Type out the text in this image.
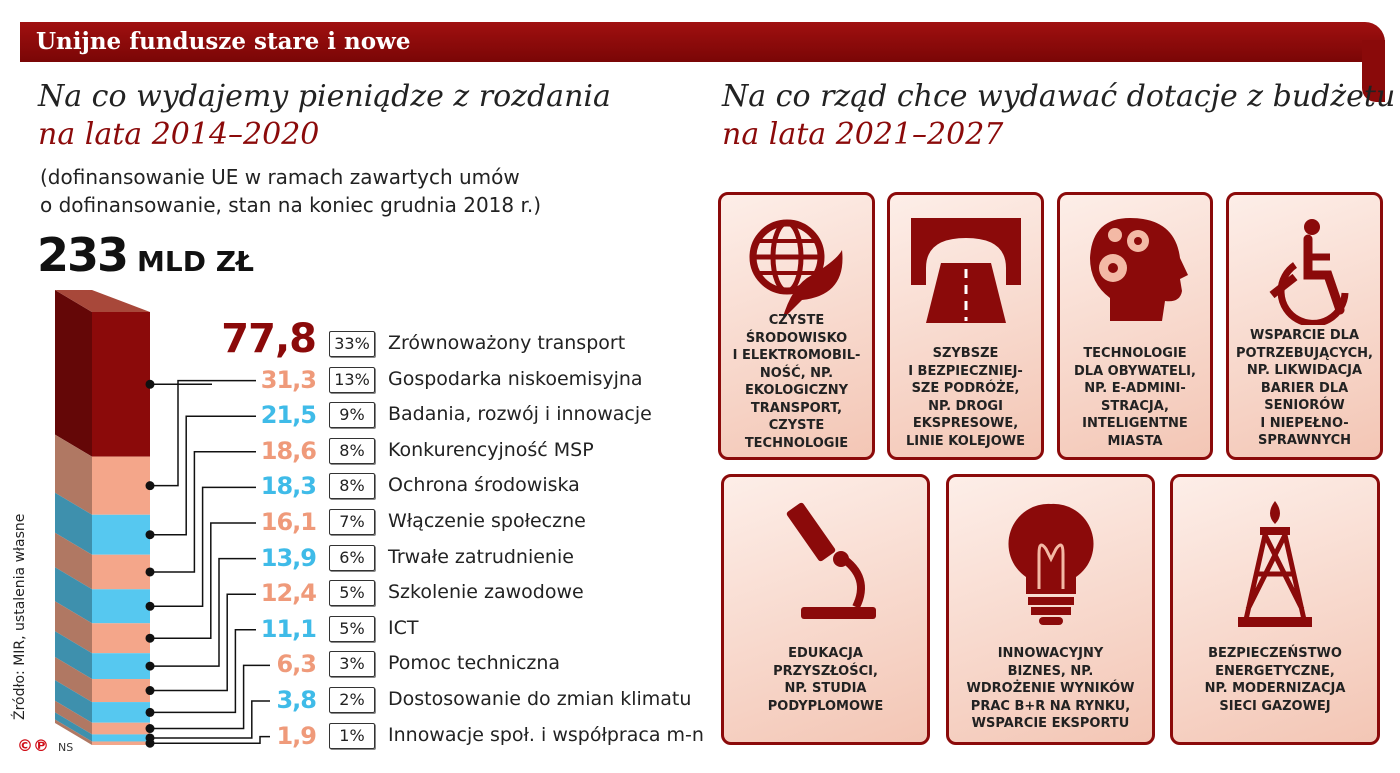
Unijne fundusze stare i nowe
Na co wydajemy pieniądze z rozdania
na lata 2014–2020
(dofinansowanie UE w ramach zawartych umów
o dofinansowanie, stan na koniec grudnia 2018 r.)
233 MLD ZŁ
77,8	33% Zrównoważony transport
31,3	13% Gospodarka niskoemisyjna
21,5	9%	Badania, rozwój i innowacje
18,6	8%	Konkurencyjność MSP
18,3	8%	Ochrona środowiska
16,1	7%	Włączenie społeczne
13,9	6%	Trwałe zatrudnienie
12,4	5%	Szkolenie zawodowe
11,1	5%	ICT
6,3	3%	Pomoc techniczna
3,8	2%	Dostosowanie do zmian klimatu
1,9	1%	Innowacje społ. i współpraca m-n
Źródło: MIR, ustalenia własne
©℗ NS
Na co rząd chce wydawać dotacje z budżetu
na lata 2021–2027
CZYSTE
ŚRODOWISKO
I ELEKTROMOBIL-
NOŚĆ, NP.
EKOLOGICZNY
TRANSPORT,
CZYSTE
TECHNOLOGIE
SZYBSZE
I BEZPIECZNIEJ-
SZE PODRÓŻE,
NP. DROGI
EKSPRESOWE,
LINIE KOLEJOWE
TECHNOLOGIE
DLA OBYWATELI,
NP. E-ADMINI-
STRACJA,
INTELIGENTNE
MIASTA
WSPARCIE DLA
POTRZEBUJĄCYCH,
NP. LIKWIDACJA
BARIER DLA
SENIORÓW
I NIEPEŁNO-
SPRAWNYCH
EDUKACJA
PRZYSZŁOŚCI,
NP. STUDIA
PODYPLOMOWE
INNOWACYJNY
BIZNES, NP.
WDROŻENIE WYNIKÓW
PRAC B+R NA RYNKU,
WSPARCIE EKSPORTU
BEZPIECZEŃSTWO
ENERGETYCZNE,
NP. MODERNIZACJA
SIECI GAZOWEJ
